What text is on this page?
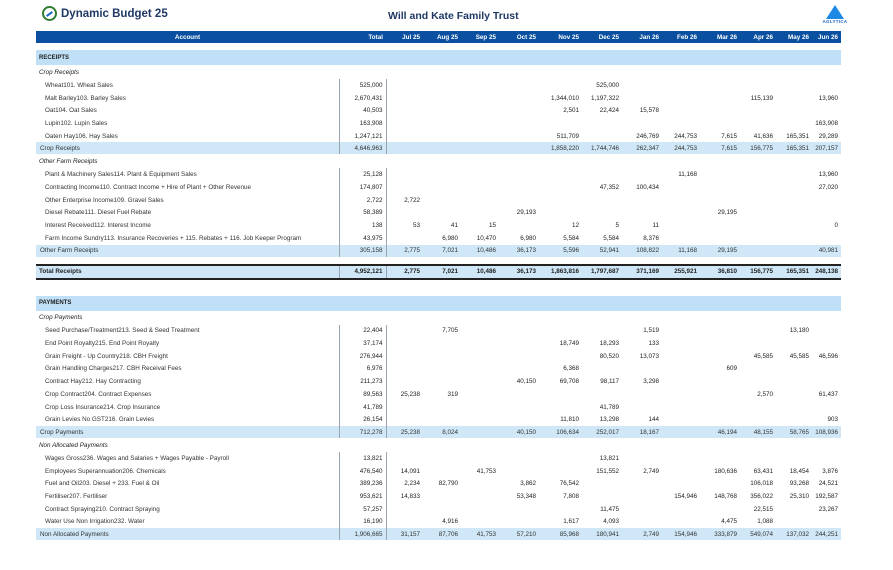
Dynamic Budget 25	Will and Kate Family Trust	AGLYTICA
Account	Total	Jul 25	Aug 25	Sep 25	Oct 25	Nov 25	Dec 25	Jan 26	Feb 26	Mar 26	Apr 26	May 26	Jun 26

RECEIPTS													
Crop Receipts													
Wheat101. Wheat Sales	525,000						525,000						
Malt Barley103. Barley Sales	2,670,431					1,344,010	1,197,322				115,139		13,960
Oat104. Oat Sales	40,503					2,501	22,424	15,578					
Lupin102. Lupin Sales	163,908												163,908
Oaten Hay106. Hay Sales	1,247,121					511,709		246,769	244,753	7,615	41,636	165,351	29,289
Crop Receipts	4,646,963					1,858,220	1,744,746	262,347	244,753	7,615	156,775	165,351	207,157
Other Farm Receipts													
Plant & Machinery Sales114. Plant & Equipment Sales	25,128								11,168				13,960
Contracting Income110. Contract Income + Hire of Plant + Other Revenue	174,807						47,352	100,434					27,020
Other Enterprise Income109. Gravel Sales	2,722	2,722											
Diesel Rebate111. Diesel Fuel Rebate	58,389				29,193					29,195			
Interest Received112. Interest Income	138	53	41	15		12	5	11					0
Farm Income Sundry113. Insurance Recoveries + 115. Rebates + 116. Job Keeper Program	43,975		6,980	10,470	6,980	5,584	5,584	8,376					
Other Farm Receipts	305,158	2,775	7,021	10,486	36,173	5,596	52,941	108,822	11,168	29,195			40,981

Total Receipts	4,952,121	2,775	7,021	10,486	36,173	1,863,816	1,797,687	371,169	255,921	36,810	156,775	165,351	248,138

PAYMENTS													
Crop Payments													
Seed Purchase/Treatment213. Seed & Seed Treatment	22,404		7,705					1,519				13,180	
End Point Royalty215. End Point Royalty	37,174					18,749	18,293	133					
Grain Freight - Up Country218. CBH Freight	276,944						80,520	13,073			45,585	45,585	46,596
Grain Handling Charges217. CBH Receival Fees	6,976					6,368				609			
Contract Hay212. Hay Contracting	211,273				40,150	69,708	98,117	3,298					
Crop Contract204. Contract Expenses	89,563	25,238	319								2,570		61,437
Crop Loss Insurance214. Crop Insurance	41,789						41,789						
Grain Levies No GST216. Grain Levies	26,154					11,810	13,298	144					903
Crop Payments	712,278	25,238	8,024		40,150	106,634	252,017	18,167		46,194	48,155	58,765	108,936
Non Allocated Payments													
Wages Gross236. Wages and Salaries + Wages Payable - Payroll	13,821						13,821						
Employees Superannuation206. Chemicals	476,540	14,091		41,753			151,552	2,749		180,636	63,431	18,454	3,876
Fuel and Oil203. Diesel + 233. Fuel & Oil	389,236	2,234	82,790		3,862	76,542					106,018	93,268	24,521
Fertiliser207. Fertiliser	953,621	14,833			53,348	7,808			154,946	148,768	356,022	25,310	192,587
Contract Spraying210. Contract Spraying	57,257						11,475				22,515		23,267
Water Use Non Irrigation232. Water	16,190		4,916			1,617	4,093			4,475	1,088		
Non Allocated Payments	1,906,665	31,157	87,706	41,753	57,210	85,968	180,941	2,749	154,946	333,879	549,074	137,032	244,251
